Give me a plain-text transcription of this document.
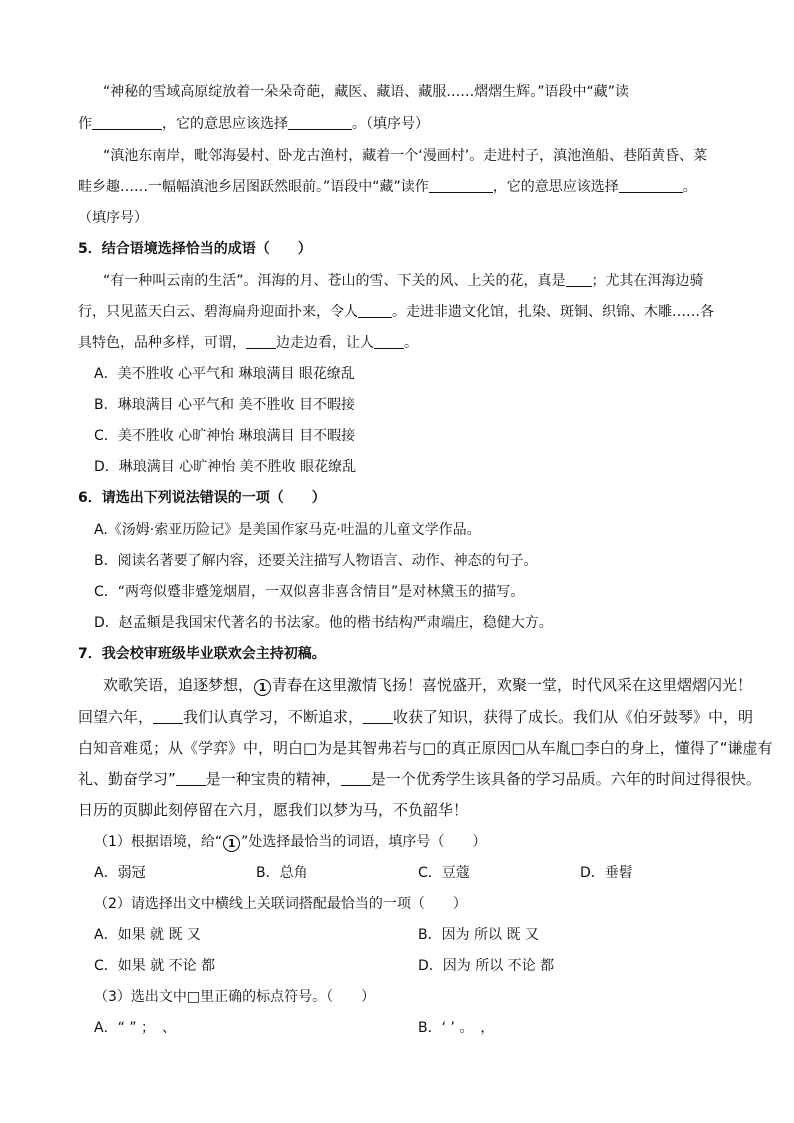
“神秘的雪域高原绽放着一朵朵奇葩，藏医、藏语、藏服……熠熠生辉。”语段中“藏”读
作	，它的意思应该选择	。（填序号）
“滇池东南岸，毗邻海晏村、卧龙古渔村，藏着一个‘漫画村’。走进村子，滇池渔船、巷陌黄昏、菜
畦乡趣……一幅幅滇池乡居图跃然眼前。”语段中“藏”读作	，它的意思应该选择	。
（填序号）
5．结合语境选择恰当的成语（　　）
“有一种叫云南的生活”。洱海的月、苍山的雪、下关的风、上关的花，真是 ；尤其在洱海边骑
行，只见蓝天白云、碧海扁舟迎面扑来，令人 。走进非遗文化馆，扎染、斑铜、织锦、木雕……各
具特色，品种多样，可谓， 边走边看，让人 。
A．美不胜收 心平气和 琳琅满目 眼花缭乱
B．琳琅满目 心平气和 美不胜收 目不暇接
C．美不胜收 心旷神怡 琳琅满目 目不暇接
D．琳琅满目 心旷神怡 美不胜收 眼花缭乱
6．请选出下列说法错误的一项（　　）
A.《汤姆·索亚历险记》是美国作家马克·吐温的儿童文学作品。
B．阅读名著要了解内容，还要关注描写人物语言、动作、神态的句子。
C．“两弯似蹙非蹙笼烟眉，一双似喜非喜含情目”是对林黛玉的描写。
D．赵孟頫是我国宋代著名的书法家。他的楷书结构严肃端庄，稳健大方。
7．我会校审班级毕业联欢会主持初稿。
欢歌笑语，追逐梦想， 1 青春在这里激情飞扬！喜悦盛开，欢聚一堂，时代风采在这里熠熠闪光！
回望六年， 我们认真学习，不断追求， 收获了知识，获得了成长。我们从《伯牙鼓琴》中，明
白知音难觅；从《学弈》中，明白□为是其智弗若与□的真正原因□从车胤□李白的身上，懂得了“谦虚有
礼、勤奋学习” 是一种宝贵的精神， 是一个优秀学生该具备的学习品质。六年的时间过得很快。
日历的页脚此刻停留在六月，愿我们以梦为马，不负韶华！
（1）根据语境，给“ 1 ”处选择最恰当的词语，填序号（　　）
A．弱冠	B．总角	C．豆蔻	D．垂髫
（2）请选择出文中横线上关联词搭配最恰当的一项（　　）
A．如果 就 既 又	B．因为 所以 既 又
C．如果 就 不论 都	D．因为 所以 不论 都
（3）选出文中□里正确的标点符号。（　　）
A．“ ” ；　、	B．‘ ’ 。　，
